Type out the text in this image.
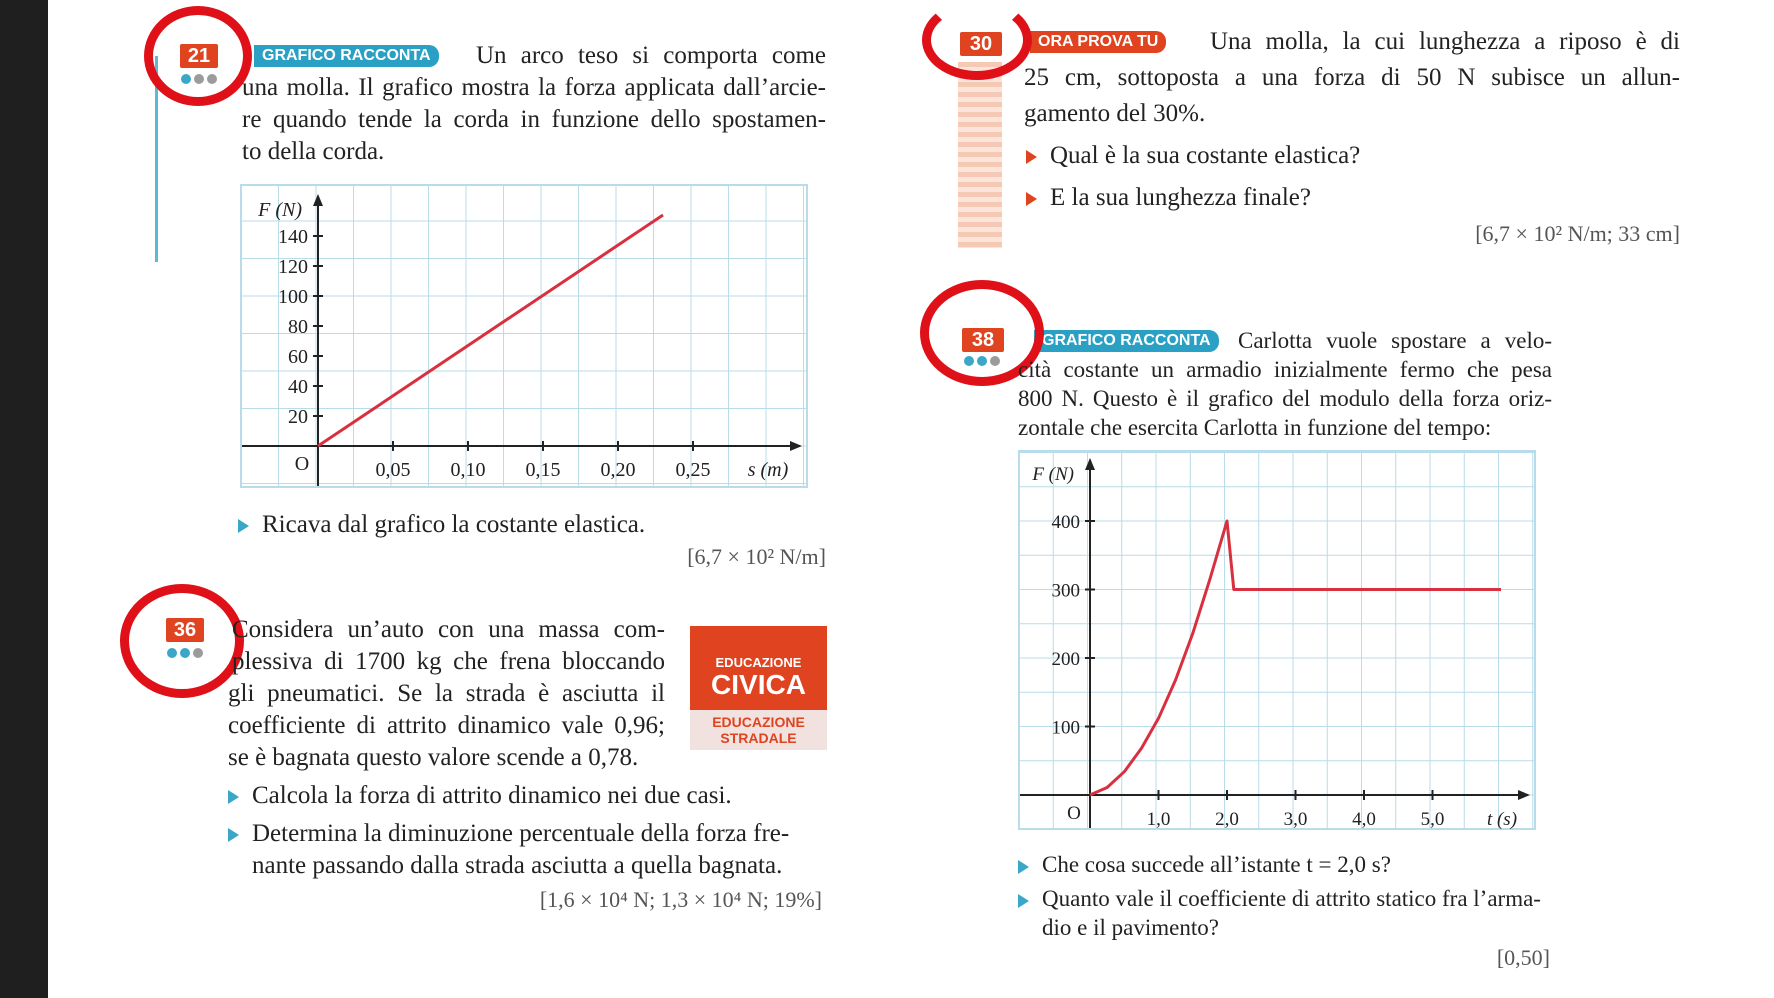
21	GRAFICO RACCONTA	Un arco teso si comporta come
una molla. Il grafico mostra la forza applicata dall’arcie-
re quando tende la corda in funzione dello spostamen-
to della corda.
0,05 0,10 0,15 0,20 0,25
20
40
60
80
100
120
140
O
F (N)
s (m)
Ricava dal grafico la costante elastica.
[6,7 × 10² N/m]
36	Considera un’auto con una massa com-
plessiva di 1700 kg che frena bloccando
gli pneumatici. Se la strada è asciutta il
coefficiente di attrito dinamico vale 0,96;
se è bagnata questo valore scende a 0,78.
EDUCAZIONE
CIVICA
EDUCAZIONE
STRADALE
Calcola la forza di attrito dinamico nei due casi.
Determina la diminuzione percentuale della forza fre-
nante passando dalla strada asciutta a quella bagnata.
[1,6 × 10⁴ N; 1,3 × 10⁴ N; 19%]
30	ORA PROVA TU	Una molla, la cui lunghezza a riposo è di
25 cm, sottoposta a una forza di 50 N subisce un allun-
gamento del 30%.
Qual è la sua costante elastica?
E la sua lunghezza finale?
[6,7 × 10² N/m; 33 cm]
38	GRAFICO RACCONTA	Carlotta vuole spostare a velo-
cità costante un armadio inizialmente fermo che pesa
800 N. Questo è il grafico del modulo della forza oriz-
zontale che esercita Carlotta in funzione del tempo:
1,0 2,0 3,0 4,0 5,0
100
200
300
400
O
F (N)
t (s)
Che cosa succede all’istante t = 2,0 s?
Quanto vale il coefficiente di attrito statico fra l’arma-
dio e il pavimento?
[0,50]
